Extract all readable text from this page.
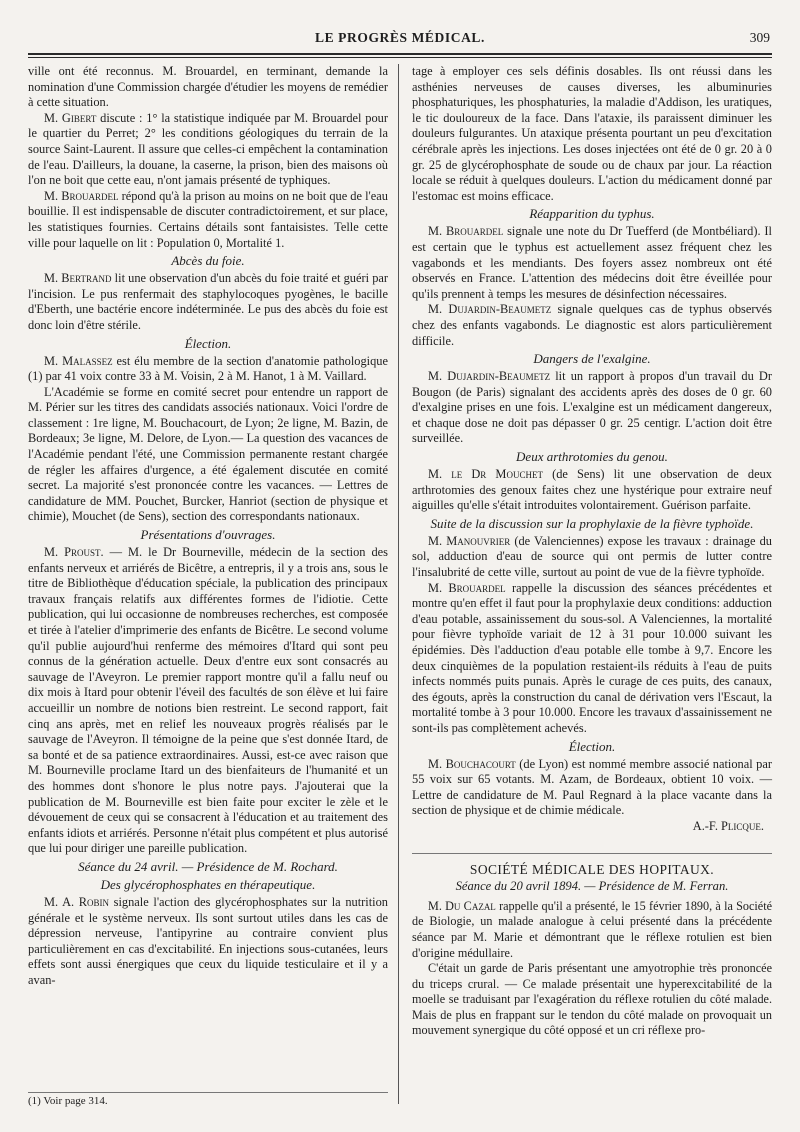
LE PROGRÈS MÉDICAL.	309

ville ont été reconnus. M. Brouardel, en terminant, demande la nomination d'une Commission chargée d'étudier les moyens de remédier à cette situation.

M. Gibert discute : 1° la statistique indiquée par M. Brouardel pour le quartier du Perret; 2° les conditions géologiques du terrain de la source Saint-Laurent. Il assure que celles-ci empêchent la contamination de l'eau. D'ailleurs, la douane, la caserne, la prison, bien des maisons où l'on ne boit que cette eau, n'ont jamais présenté de typhiques.

M. Brouardel répond qu'à la prison au moins on ne boit que de l'eau bouillie. Il est indispensable de discuter contradictoirement, et sur place, les statistiques fournies. Certains détails sont fantaisistes. Telle cette ville pour laquelle on lit : Population 0, Mortalité 1.

Abcès du foie.

M. Bertrand lit une observation d'un abcès du foie traité et guéri par l'incision. Le pus renfermait des staphylocoques pyogènes, le bacille d'Eberth, une bactérie encore indéterminée. Le pus des abcès du foie est donc loin d'être stérile.

Élection.

M. Malassez est élu membre de la section d'anatomie pathologique (1) par 41 voix contre 33 à M. Voisin, 2 à M. Hanot, 1 à M. Vaillard.

L'Académie se forme en comité secret pour entendre un rapport de M. Périer sur les titres des candidats associés nationaux. Voici l'ordre de classement : 1re ligne, M. Bouchacourt, de Lyon; 2e ligne, M. Bazin, de Bordeaux; 3e ligne, M. Delore, de Lyon.— La question des vacances de l'Académie pendant l'été, une Commission permanente restant chargée de régler les affaires d'urgence, a été également discutée en comité secret. La majorité s'est prononcée contre les vacances. — Lettres de candidature de MM. Pouchet, Burcker, Hanriot (section de physique et chimie), Mouchet (de Sens), section des correspondants nationaux.

Présentations d'ouvrages.

M. Proust. — M. le Dr Bourneville, médecin de la section des enfants nerveux et arriérés de Bicêtre, a entrepris, il y a trois ans, sous le titre de Bibliothèque d'éducation spéciale, la publication des principaux travaux français relatifs aux différentes formes de l'idiotie. Cette publication, qui lui occasionne de nombreuses recherches, est composée et tirée à l'atelier d'imprimerie des enfants de Bicêtre. Le second volume qu'il publie aujourd'hui renferme des mémoires d'Itard qui sont peu connus de la génération actuelle. Deux d'entre eux sont consacrés au sauvage de l'Aveyron. Le premier rapport montre qu'il a fallu neuf ou dix mois à Itard pour obtenir l'éveil des facultés de son élève et lui faire accueillir un nombre de notions bien restreint. Le second rapport, fait cinq ans après, met en relief les nouveaux progrès réalisés par le sauvage de l'Aveyron. Il témoigne de la peine que s'est donnée Itard, de sa bonté et de sa patience extraordinaires. Aussi, est-ce avec raison que M. Bourneville proclame Itard un des bienfaiteurs de l'humanité et un des hommes dont s'honore le plus notre pays. J'ajouterai que la publication de M. Bourneville est bien faite pour exciter le zèle et le dévouement de ceux qui se consacrent à l'éducation et au traitement des enfants idiots et arriérés. Personne n'était plus compétent et plus autorisé que lui pour diriger une pareille publication.

Séance du 24 avril. — Présidence de M. Rochard.
Des glycérophosphates en thérapeutique.

M. A. Robin signale l'action des glycérophosphates sur la nutrition générale et le système nerveux. Ils sont surtout utiles dans les cas de dépression nerveuse, l'antipyrine au contraire convient plus particulièrement en cas d'excitabilité. En injections sous-cutanées, leurs effets sont aussi énergiques que ceux du liquide testiculaire et il y a avan-

tage à employer ces sels définis dosables. Ils ont réussi dans les asthénies nerveuses de causes diverses, les albuminuries phosphaturiques, les phosphaturies, la maladie d'Addison, les uratiques, le tic douloureux de la face. Dans l'ataxie, ils paraissent diminuer les douleurs fulgurantes. Un ataxique présenta pourtant un peu d'excitation cérébrale après les injections. Les doses injectées ont été de 0 gr. 20 à 0 gr. 25 de glycérophosphate de soude ou de chaux par jour. La réaction locale se réduit à quelques douleurs. L'action du médicament donné par l'estomac est moins efficace.

Réapparition du typhus.

M. Brouardel signale une note du Dr Tuefferd (de Montbéliard). Il est certain que le typhus est actuellement assez fréquent chez les vagabonds et les mendiants. Des foyers assez nombreux ont été observés en France. L'attention des médecins doit être éveillée pour qu'ils prennent à temps les mesures de désinfection nécessaires.

M. Dujardin-Beaumetz signale quelques cas de typhus observés chez des enfants vagabonds. Le diagnostic est alors particulièrement difficile.

Dangers de l'exalgine.

M. Dujardin-Beaumetz lit un rapport à propos d'un travail du Dr Bougon (de Paris) signalant des accidents après des doses de 0 gr. 60 d'exalgine prises en une fois. L'exalgine est un médicament dangereux, et chaque dose ne doit pas dépasser 0 gr. 25 centigr. L'action doit être surveillée.

Deux arthrotomies du genou.

M. le Dr Mouchet (de Sens) lit une observation de deux arthrotomies des genoux faites chez une hystérique pour extraire neuf aiguilles qu'elle s'était introduites volontairement. Guérison parfaite.

Suite de la discussion sur la prophylaxie de la fièvre typhoïde.

M. Manouvrier (de Valenciennes) expose les travaux : drainage du sol, adduction d'eau de source qui ont permis de lutter contre l'insalubrité de cette ville, surtout au point de vue de la fièvre typhoïde.

M. Brouardel rappelle la discussion des séances précédentes et montre qu'en effet il faut pour la prophylaxie deux conditions: adduction d'eau potable, assainissement du sous-sol. A Valenciennes, la mortalité pour fièvre typhoïde variait de 12 à 31 pour 10.000 suivant les épidémies. Dès l'adduction d'eau potable elle tombe à 9,7. Encore les deux cinquièmes de la population restaient-ils réduits à l'eau de puits infects nommés puits punais. Après le curage de ces puits, des canaux, des égouts, après la construction du canal de dérivation vers l'Escaut, la mortalité tombe à 3 pour 10.000. Encore les travaux d'assainissement ne sont-ils pas complètement achevés.

Élection.

M. Bouchacourt (de Lyon) est nommé membre associé national par 55 voix sur 65 votants. M. Azam, de Bordeaux, obtient 10 voix. — Lettre de candidature de M. Paul Regnard à la place vacante dans la section de physique et de chimie médicale.

A.-F. Plicque.

SOCIÉTÉ MÉDICALE DES HOPITAUX.
Séance du 20 avril 1894. — Présidence de M. Ferran.

M. Du Cazal rappelle qu'il a présenté, le 15 février 1890, à la Société de Biologie, un malade analogue à celui présenté dans la précédente séance par M. Marie et démontrant que le réflexe rotulien est bien d'origine médullaire.

C'était un garde de Paris présentant une amyotrophie très prononcée du triceps crural. — Ce malade présentait une hyperexcitabilité de la moelle se traduisant par l'exagération du réflexe rotulien du côté malade. Mais de plus en frappant sur le tendon du côté malade on provoquait un mouvement synergique du côté opposé et un cri réflexe pro-

(1) Voir page 314.
